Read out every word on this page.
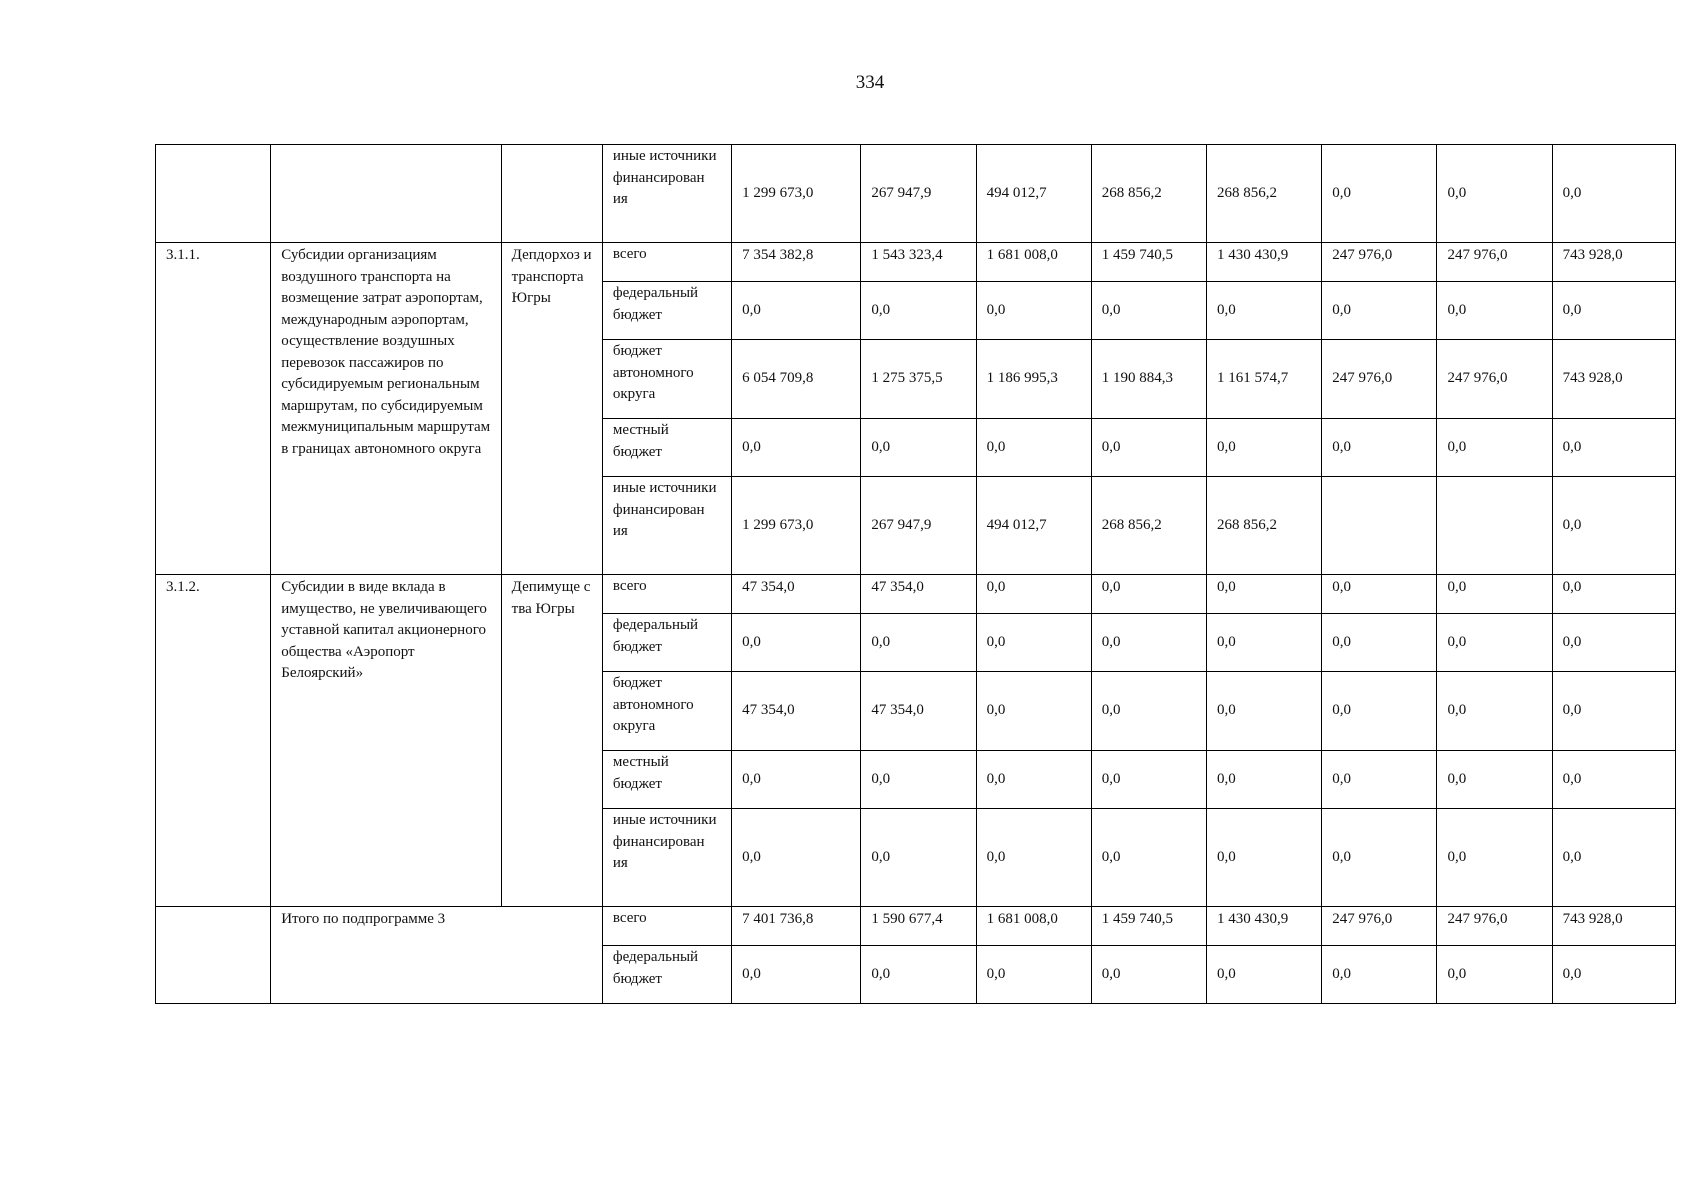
334
			иные источники финансирован ия	1 299 673,0	267 947,9	494 012,7	268 856,2	268 856,2	0,0	0,0	0,0
3.1.1.	Субсидии организациям воздушного транспорта на возмещение затрат аэропортам, международным аэропортам, осуществление воздушных перевозок пассажиров по субсидируемым региональным маршрутам, по субсидируемым межмуниципальным маршрутам в границах автономного округа	Депдорхоз и транспорта Югры	всего	7 354 382,8	1 543 323,4	1 681 008,0	1 459 740,5	1 430 430,9	247 976,0	247 976,0	743 928,0
			федеральный бюджет	0,0	0,0	0,0	0,0	0,0	0,0	0,0	0,0
			бюджет автономного округа	6 054 709,8	1 275 375,5	1 186 995,3	1 190 884,3	1 161 574,7	247 976,0	247 976,0	743 928,0
			местный бюджет	0,0	0,0	0,0	0,0	0,0	0,0	0,0	0,0
			иные источники финансирован ия	1 299 673,0	267 947,9	494 012,7	268 856,2	268 856,2			0,0
3.1.2.	Субсидии в виде вклада в имущество, не увеличивающего уставной капитал акционерного общества «Аэропорт Белоярский»	Депимуще ства Югры	всего	47 354,0	47 354,0	0,0	0,0	0,0	0,0	0,0	0,0
			федеральный бюджет	0,0	0,0	0,0	0,0	0,0	0,0	0,0	0,0
			бюджет автономного округа	47 354,0	47 354,0	0,0	0,0	0,0	0,0	0,0	0,0
			местный бюджет	0,0	0,0	0,0	0,0	0,0	0,0	0,0	0,0
			иные источники финансирован ия	0,0	0,0	0,0	0,0	0,0	0,0	0,0	0,0
	Итого по подпрограмме 3		всего	7 401 736,8	1 590 677,4	1 681 008,0	1 459 740,5	1 430 430,9	247 976,0	247 976,0	743 928,0
			федеральный бюджет	0,0	0,0	0,0	0,0	0,0	0,0	0,0	0,0
